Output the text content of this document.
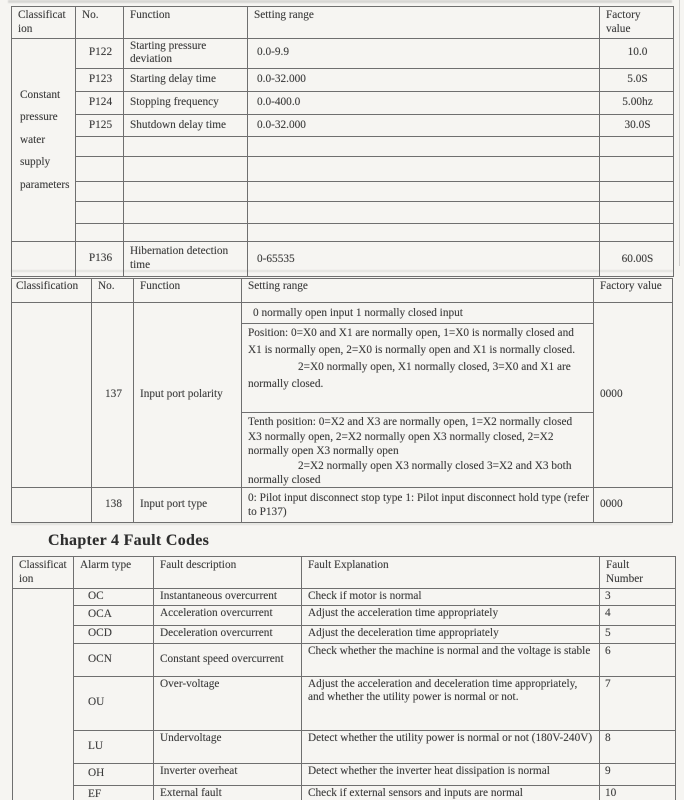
Classificat
ion	No.	Function	Setting range	Factory
value

Constant
pressure
water
supply
parameters	P122	Starting pressure deviation	0.0-9.9	10.0
	P123	Starting delay time	0.0-32.000	5.0S
	P124	Stopping frequency	0.0-400.0	5.00hz
	P125	Shutdown delay time	0.0-32.000	30.0S

	P136	Hibernation detection time	0-65535	60.00S
Classification	No.	Function	Setting range	Factory value
	137	Input port polarity	0 normally open input 1 normally closed input

Position: 0=X0 and X1 are normally open, 1=X0 is normally closed and X1 is normally open, 2=X0 is normally open and X1 is normally closed.

2=X0 normally open, X1 normally closed, 3=X0 and X1 are normally closed.

Tenth position: 0=X2 and X3 are normally open, 1=X2 normally closed X3 normally open, 2=X2 normally open X3 normally closed, 2=X2 normally open X3 normally open

2=X2 normally open X3 normally closed 3=X2 and X3 both normally closed	0000
	138	Input port type	0: Pilot input disconnect stop type 1: Pilot input disconnect hold type (refer to P137)	0000
Chapter 4 Fault Codes
Classificat
ion	Alarm type	Fault description	Fault Explanation	Fault
Number
	OC	Instantaneous overcurrent	Check if motor is normal	3
	OCA	Acceleration overcurrent	Adjust the acceleration time appropriately	4
	OCD	Deceleration overcurrent	Adjust the deceleration time appropriately	5
	OCN	Constant speed overcurrent	Check whether the machine is normal and the voltage is stable	6
	OU	Over-voltage	Adjust the acceleration and deceleration time appropriately, and whether the utility power is normal or not.	7
	LU	Undervoltage	Detect whether the utility power is normal or not (180V-240V)	8
	OH	Inverter overheat	Detect whether the inverter heat dissipation is normal	9
	EF	External fault	Check if external sensors and inputs are normal	10
